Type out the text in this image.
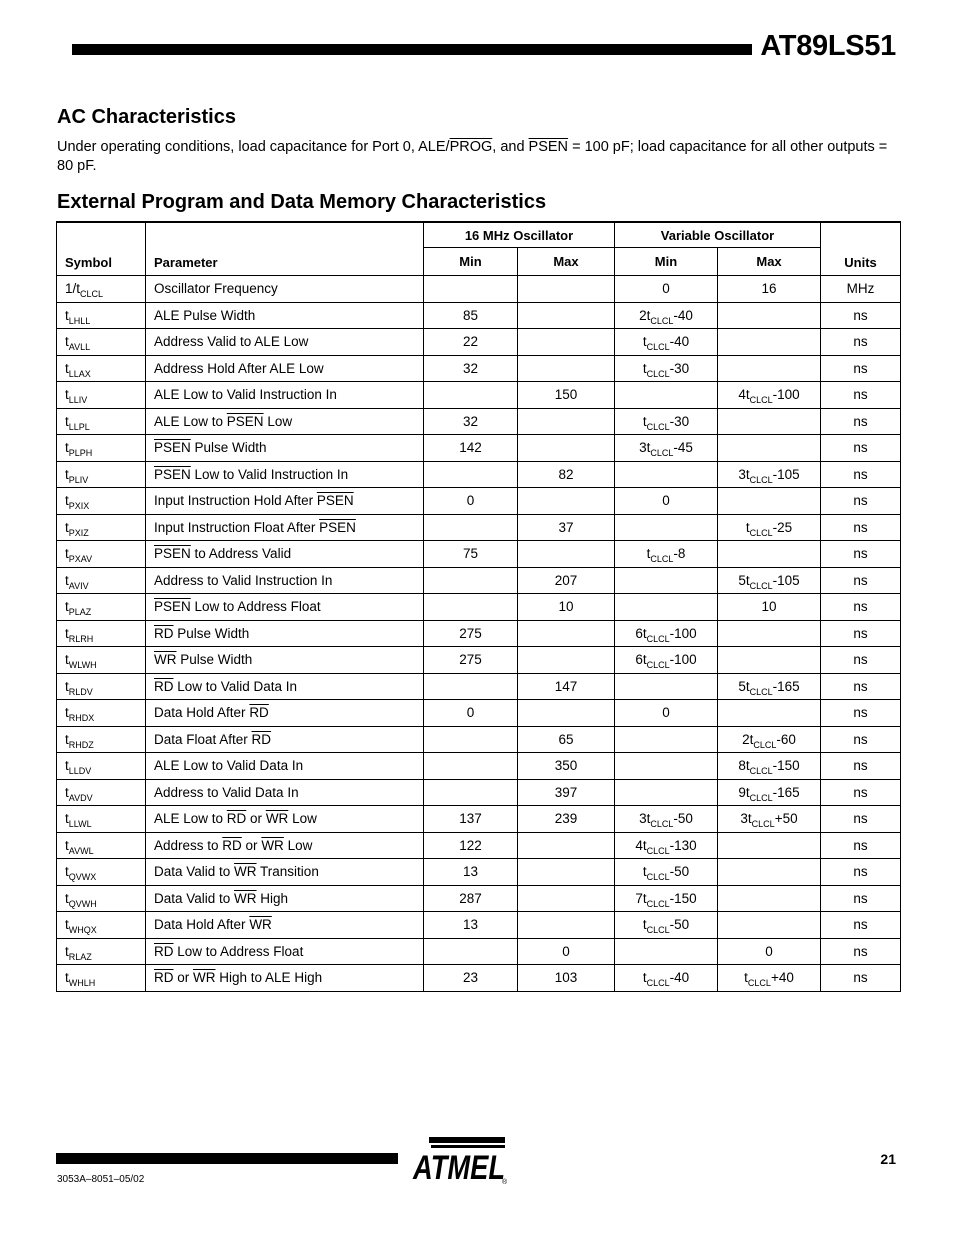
AT89LS51
AC Characteristics
Under operating conditions, load capacitance for Port 0, ALE/PROG, and PSEN = 100 pF; load capacitance for all other outputs = 80 pF.
External Program and Data Memory Characteristics
Symbol	Parameter	16 MHz Oscillator		Variable Oscillator		Units
		Min	Max	Min	Max	
$1/t_{CLCL}$	Oscillator Frequency			0	16	MHz
$t_{LHLL}$	ALE Pulse Width	85		$2t_{CLCL}-40$		ns
$t_{AVLL}$	Address Valid to ALE Low	22		$t_{CLCL}-40$		ns
$t_{LLAX}$	Address Hold After ALE Low	32		$t_{CLCL}-30$		ns
$t_{LLIV}$	ALE Low to Valid Instruction In		150		$4t_{CLCL}-100$	ns
$t_{LLPL}$	ALE Low to PSEN Low	32		$t_{CLCL}-30$		ns
$t_{PLPH}$	PSEN Pulse Width	142		$3t_{CLCL}-45$		ns
$t_{PLIV}$	PSEN Low to Valid Instruction In		82		$3t_{CLCL}-105$	ns
$t_{PXIX}$	Input Instruction Hold After PSEN	0		0		ns
$t_{PXIZ}$	Input Instruction Float After PSEN		37		$t_{CLCL}-25$	ns
$t_{PXAV}$	PSEN to Address Valid	75		$t_{CLCL}-8$		ns
$t_{AVIV}$	Address to Valid Instruction In		207		$5t_{CLCL}-105$	ns
$t_{PLAZ}$	PSEN Low to Address Float		10		10	ns
$t_{RLRH}$	$\overline{RD}$ Pulse Width	275		$6t_{CLCL}-100$		ns
$t_{WLWH}$	$\overline{WR}$ Pulse Width	275		$6t_{CLCL}-100$		ns
$t_{RLDV}$	$\overline{RD}$ Low to Valid Data In		147		$5t_{CLCL}-165$	ns
$t_{RHDX}$	Data Hold After $\overline{RD}$	0		0		ns
$t_{RHDZ}$	Data Float After $\overline{RD}$		65		$2t_{CLCL}-60$	ns
$t_{LLDV}$	ALE Low to Valid Data In		350		$8t_{CLCL}-150$	ns
$t_{AVDV}$	Address to Valid Data In		397		$9t_{CLCL}-165$	ns
$t_{LLWL}$	ALE Low to $\overline{RD}$ or $\overline{WR}$ Low	137	239	$3t_{CLCL}-50$	$3t_{CLCL}+50$	ns
$t_{AVWL}$	Address to $\overline{RD}$ or $\overline{WR}$ Low	122		$4t_{CLCL}-130$		ns
$t_{QVWX}$	Data Valid to $\overline{WR}$ Transition	13		$t_{CLCL}-50$		ns
$t_{QVWH}$	Data Valid to $\overline{WR}$ High	287		$7t_{CLCL}-150$		ns
$t_{WHQX}$	Data Hold After $\overline{WR}$	13		$t_{CLCL}-50$		ns
$t_{RLAZ}$	$\overline{RD}$ Low to Address Float		0		0	ns
$t_{WHLH}$	$\overline{RD}$ or $\overline{WR}$ High to ALE High	23	103	$t_{CLCL}-40$	$t_{CLCL}+40$	ns
ATMEL
®
21
3053A–8051–05/02
